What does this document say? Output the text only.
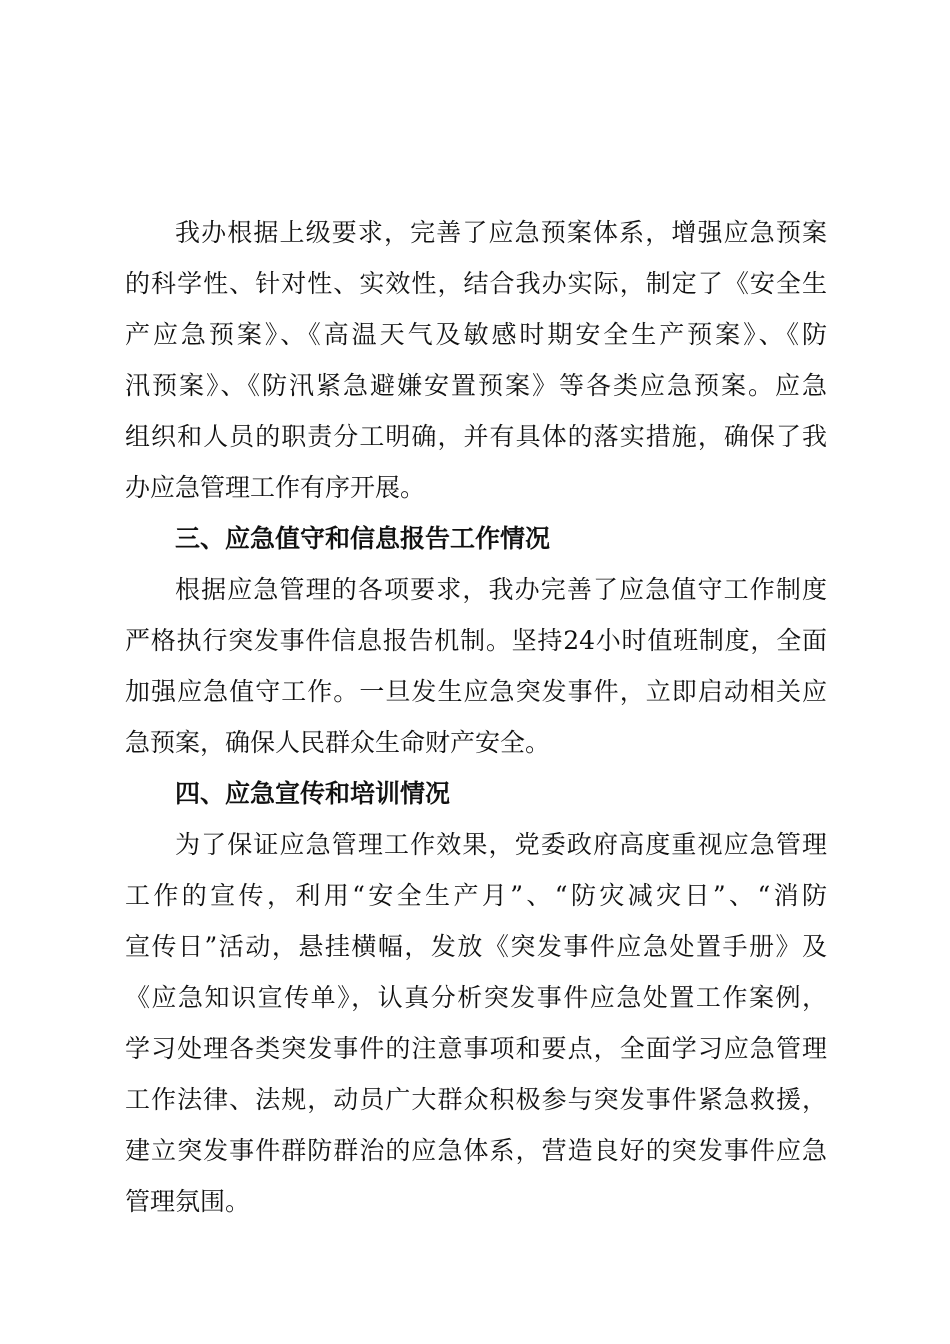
我办根据上级要求，完善了应急预案体系，增强应急预案
的科学性、针对性、实效性，结合我办实际，制定了《安全生
产应急预案》、《高温天气及敏感时期安全生产预案》、《防
汛预案》、《防汛紧急避嫌安置预案》等各类应急预案。应急
组织和人员的职责分工明确，并有具体的落实措施，确保了我
办应急管理工作有序开展。
三、应急值守和信息报告工作情况
根据应急管理的各项要求，我办完善了应急值守工作制度
严格执行突发事件信息报告机制。坚持24小时值班制度，全面
加强应急值守工作。一旦发生应急突发事件，立即启动相关应
急预案，确保人民群众生命财产安全。
四、应急宣传和培训情况
为了保证应急管理工作效果，党委政府高度重视应急管理
工作的宣传，利用“安全生产月”、“防灾减灾日”、“消防
宣传日”活动，悬挂横幅，发放《突发事件应急处置手册》及
《应急知识宣传单》，认真分析突发事件应急处置工作案例，
学习处理各类突发事件的注意事项和要点，全面学习应急管理
工作法律、法规，动员广大群众积极参与突发事件紧急救援，
建立突发事件群防群治的应急体系，营造良好的突发事件应急
管理氛围。
